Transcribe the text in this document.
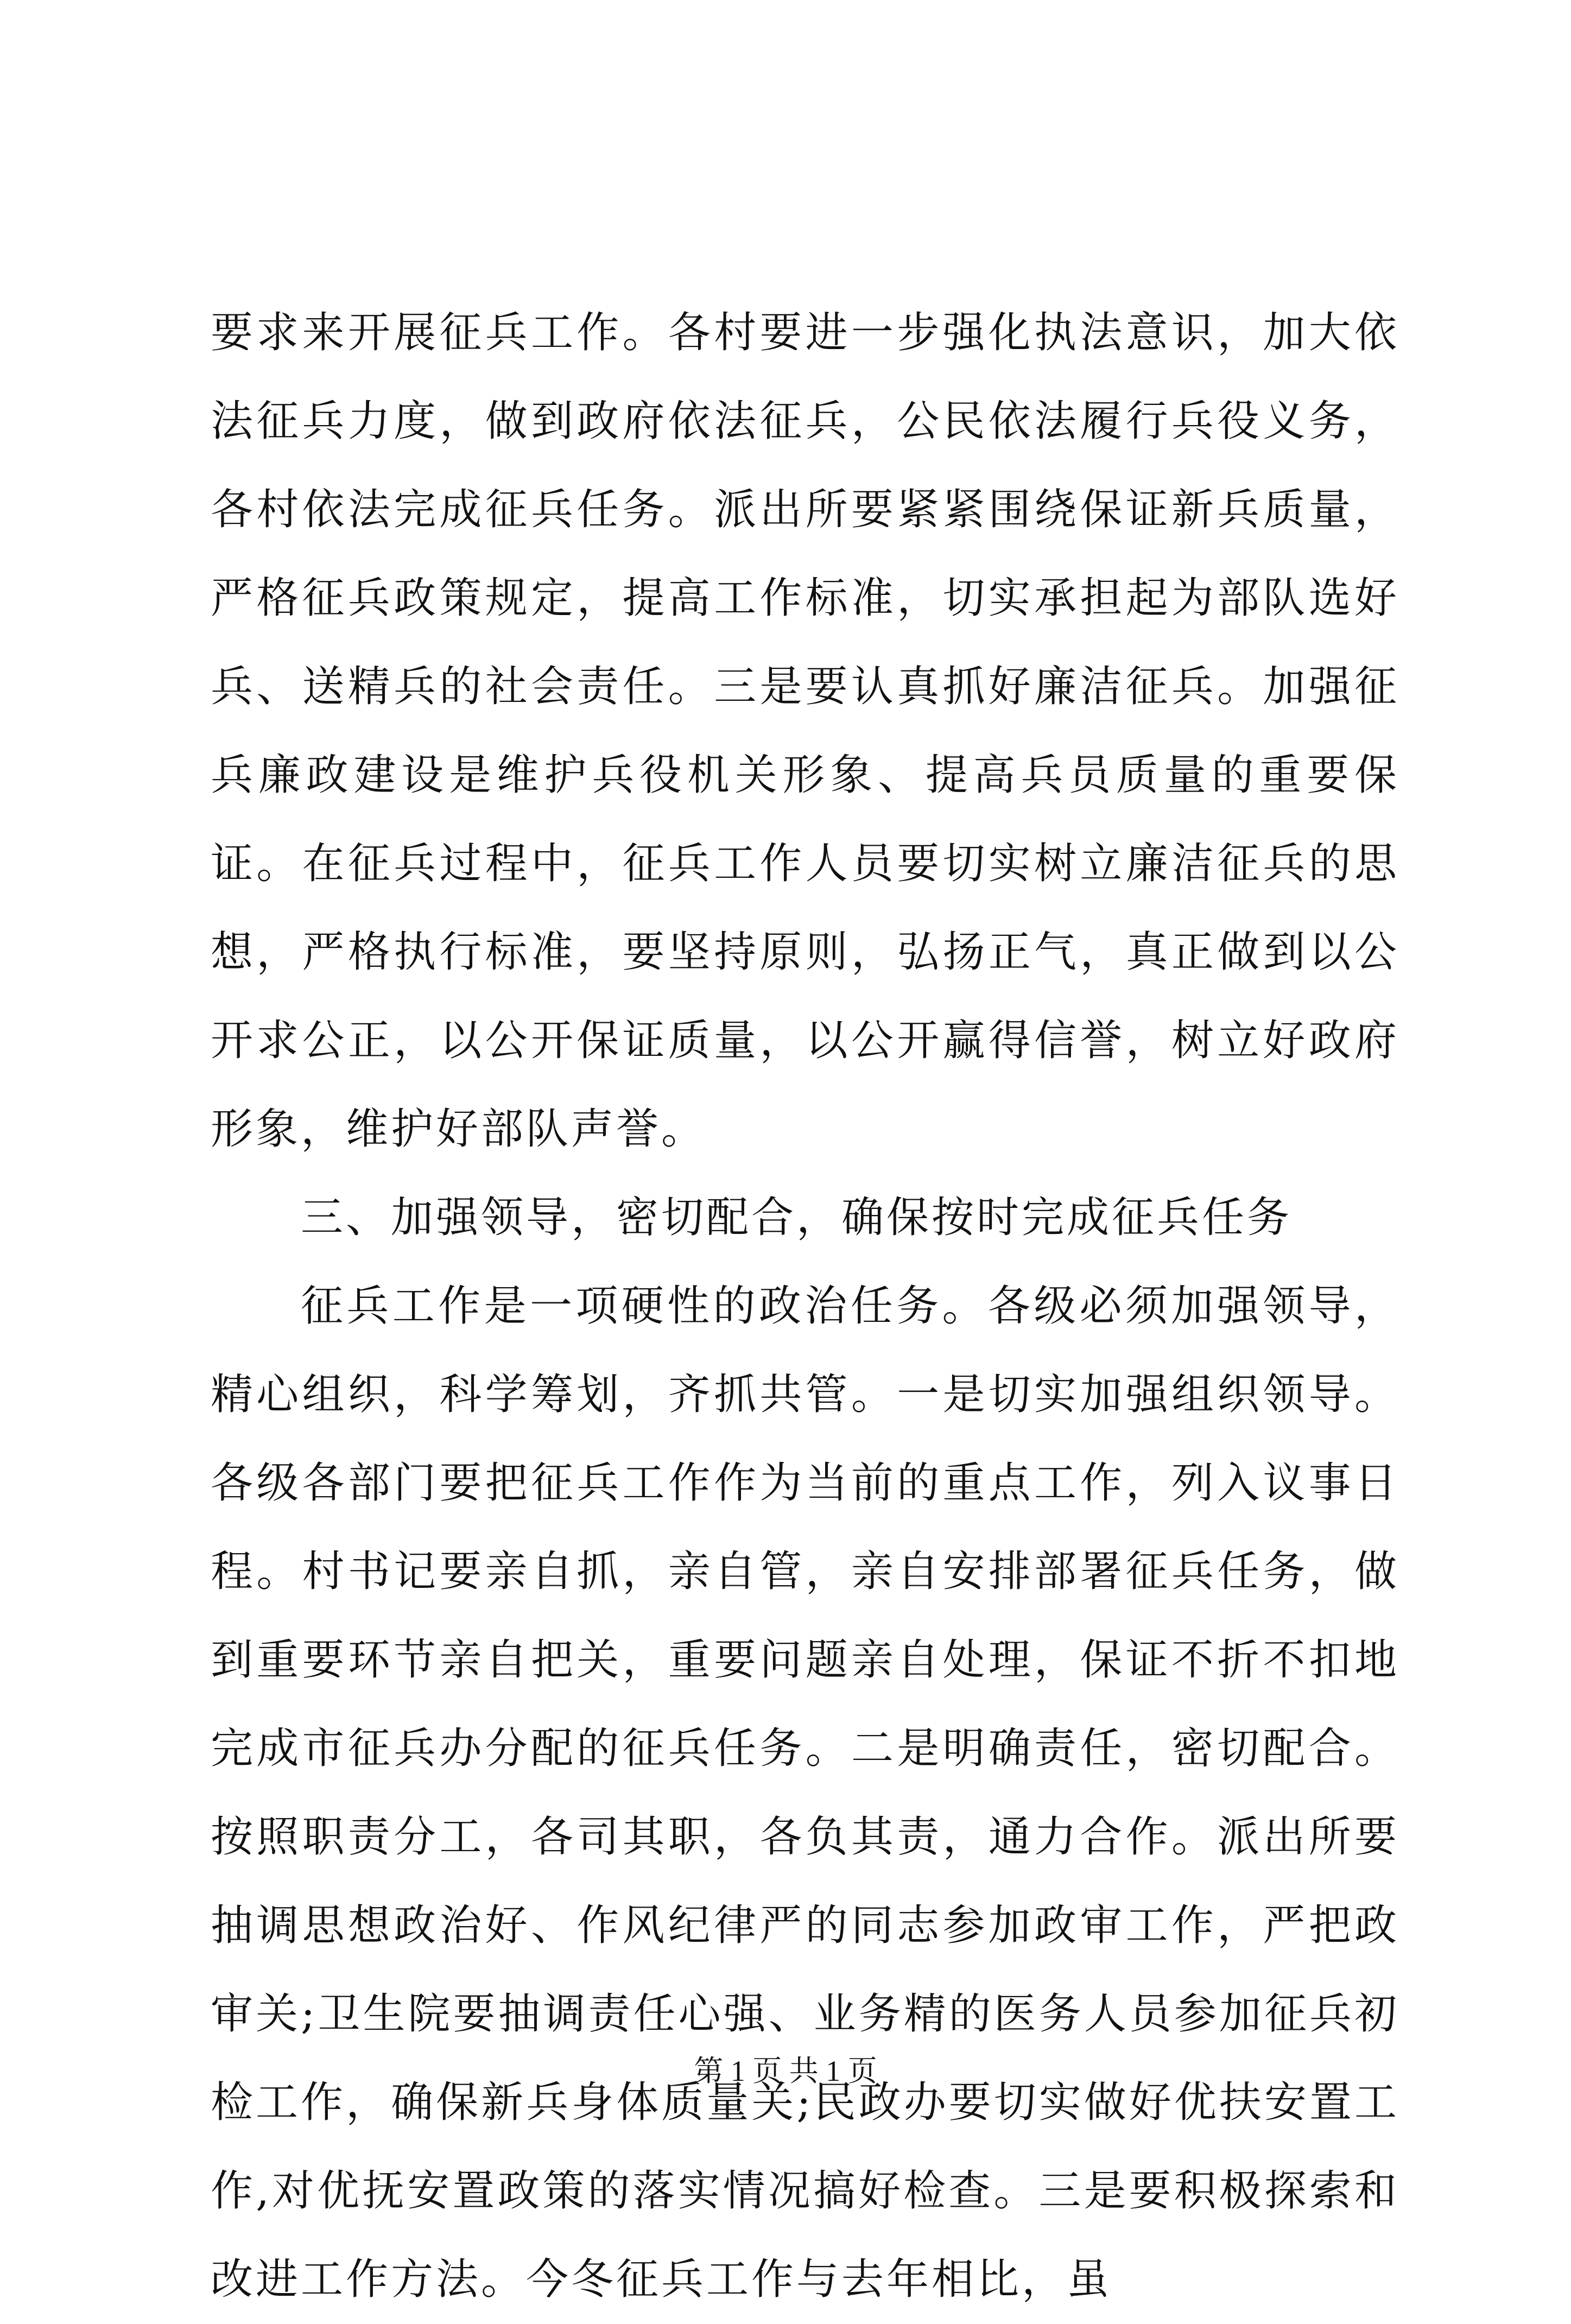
要求来开展征兵工作。各村要进一步强化执法意识，加大依法征兵力度，做到政府依法征兵，公民依法履行兵役义务，各村依法完成征兵任务。派出所要紧紧围绕保证新兵质量，严格征兵政策规定，提高工作标准，切实承担起为部队选好兵、送精兵的社会责任。三是要认真抓好廉洁征兵。加强征兵廉政建设是维护兵役机关形象、提高兵员质量的重要保证。在征兵过程中，征兵工作人员要切实树立廉洁征兵的思想，严格执行标准，要坚持原则，弘扬正气，真正做到以公开求公正，以公开保证质量，以公开赢得信誉，树立好政府形象，维护好部队声誉。

三、加强领导，密切配合，确保按时完成征兵任务

征兵工作是一项硬性的政治任务。各级必须加强领导，精心组织，科学筹划，齐抓共管。一是切实加强组织领导。各级各部门要把征兵工作作为当前的重点工作，列入议事日程。村书记要亲自抓，亲自管，亲自安排部署征兵任务，做到重要环节亲自把关，重要问题亲自处理，保证不折不扣地完成市征兵办分配的征兵任务。二是明确责任，密切配合。按照职责分工，各司其职，各负其责，通力合作。派出所要抽调思想政治好、作风纪律严的同志参加政审工作，严把政审关;卫生院要抽调责任心强、业务精的医务人员参加征兵初检工作，确保新兵身体质量关;民政办要切实做好优扶安置工作,对优抚安置政策的落实情况搞好检查。三是要积极探索和改进工作方法。今冬征兵工作与去年相比，虽

第 1 页 共 1 页
